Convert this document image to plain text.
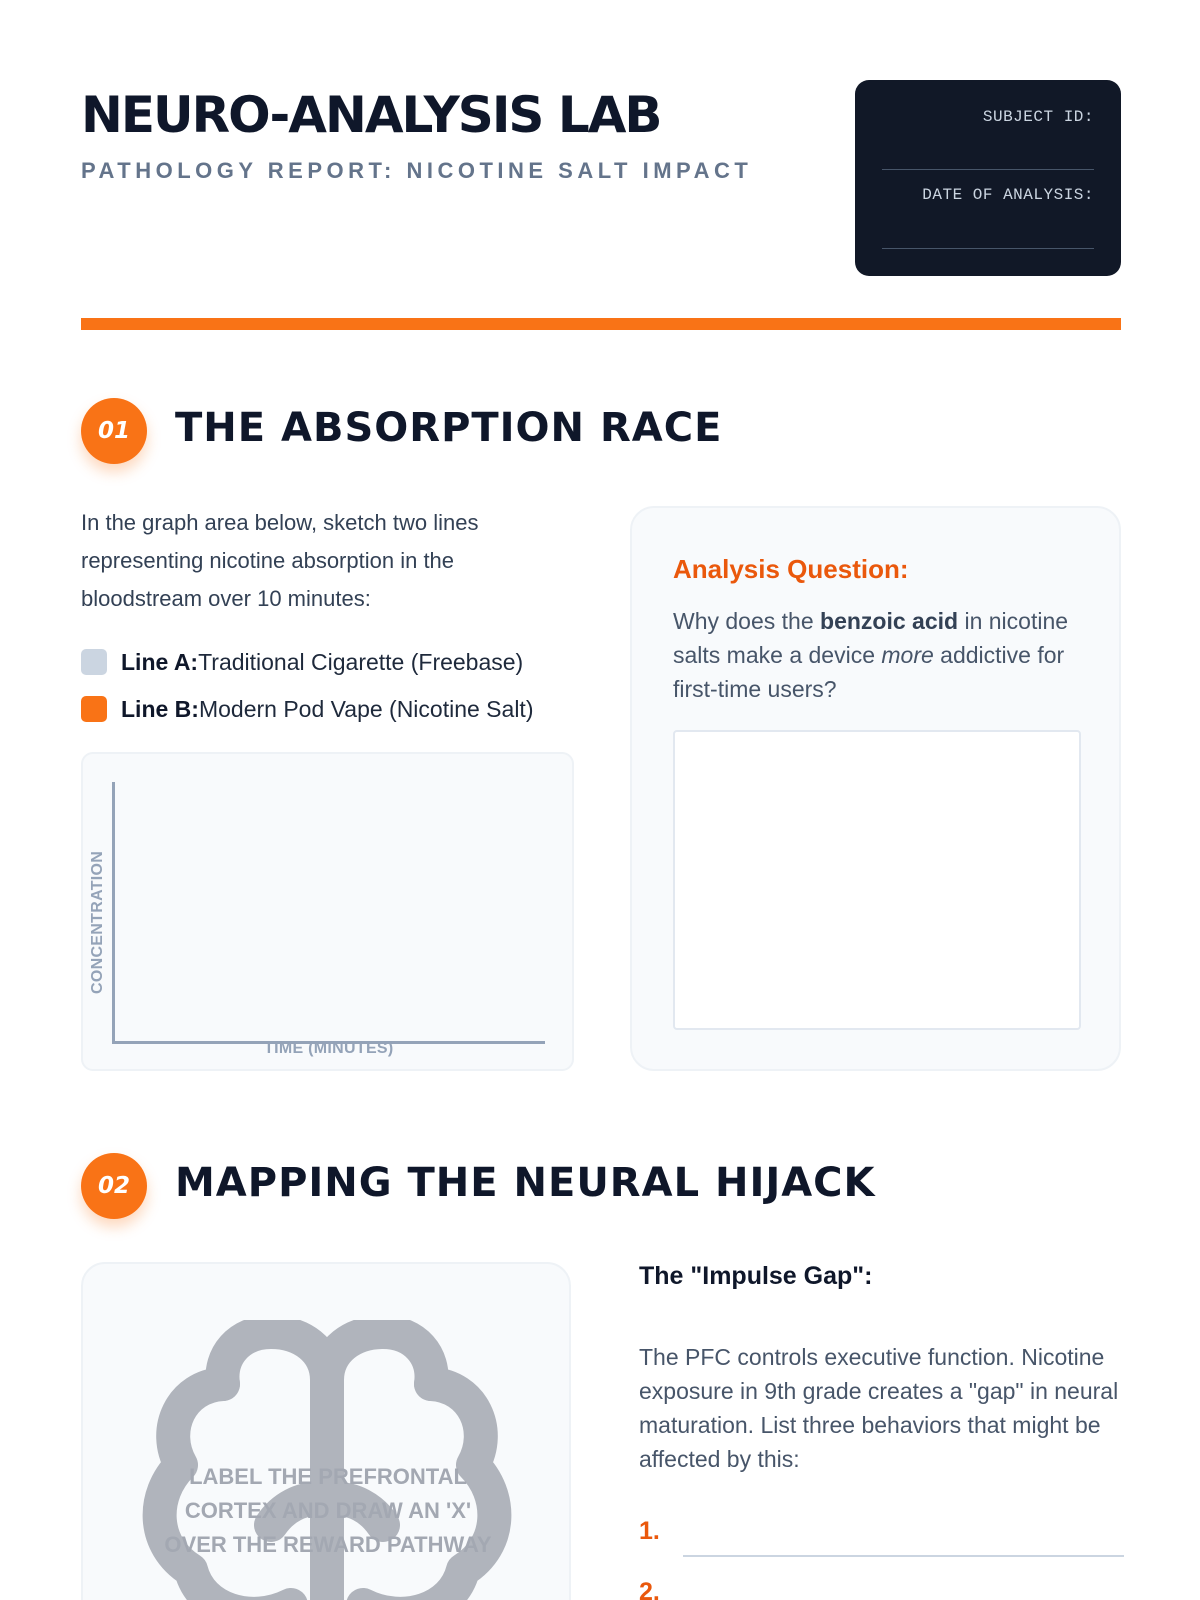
NEURO-ANALYSIS LAB
PATHOLOGY REPORT: NICOTINE SALT IMPACT
SUBJECT ID:
DATE OF ANALYSIS:
01	THE ABSORPTION RACE
In the graph area below, sketch two lines representing nicotine absorption in the bloodstream over 10 minutes:
Line A: Traditional Cigarette (Freebase)
Line B: Modern Pod Vape (Nicotine Salt)
CONCENTRATION
TIME (MINUTES)
Analysis Question:
Why does the benzoic acid in nicotine salts make a device more addictive for first-time users?
02	MAPPING THE NEURAL HIJACK
LABEL THE PREFRONTAL CORTEX AND DRAW AN 'X' OVER THE REWARD PATHWAY
The "Impulse Gap":
The PFC controls executive function. Nicotine exposure in 9th grade creates a "gap" in neural maturation. List three behaviors that might be affected by this:
1.
2.
